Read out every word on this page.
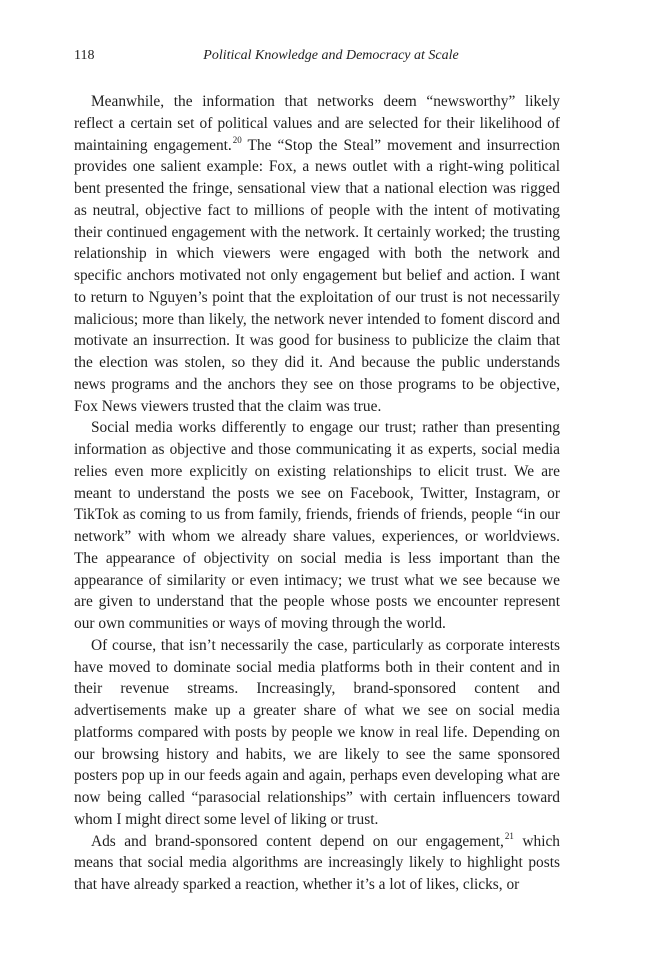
118	Political Knowledge and Democracy at Scale

Meanwhile, the information that networks deem “newsworthy” likely reflect a certain set of political values and are selected for their likelihood of maintaining engagement.$^{20}$ The “Stop the Steal” movement and insurrection provides one salient example: Fox, a news outlet with a right-wing political bent presented the fringe, sensational view that a national election was rigged as neutral, objective fact to millions of people with the intent of motivating their continued engagement with the network. It certainly worked; the trusting relationship in which viewers were engaged with both the network and specific anchors motivated not only engagement but belief and action. I want to return to Nguyen’s point that the exploitation of our trust is not necessarily malicious; more than likely, the network never intended to foment discord and motivate an insurrection. It was good for business to publicize the claim that the election was stolen, so they did it. And because the public understands news programs and the anchors they see on those programs to be objective, Fox News viewers trusted that the claim was true.

Social media works differently to engage our trust; rather than presenting information as objective and those communicating it as experts, social media relies even more explicitly on existing relationships to elicit trust. We are meant to understand the posts we see on Facebook, Twitter, Instagram, or TikTok as coming to us from family, friends, friends of friends, people “in our network” with whom we already share values, experiences, or worldviews. The appearance of objectivity on social media is less important than the appearance of similarity or even intimacy; we trust what we see because we are given to understand that the people whose posts we encounter represent our own communities or ways of moving through the world.

Of course, that isn’t necessarily the case, particularly as corporate interests have moved to dominate social media platforms both in their content and in their revenue streams. Increasingly, brand-sponsored content and advertisements make up a greater share of what we see on social media platforms compared with posts by people we know in real life. Depending on our browsing history and habits, we are likely to see the same sponsored posters pop up in our feeds again and again, perhaps even developing what are now being called “parasocial relationships” with certain influencers toward whom I might direct some level of liking or trust.

Ads and brand-sponsored content depend on our engagement,$^{21}$ which means that social media algorithms are increasingly likely to highlight posts that have already sparked a reaction, whether it’s a lot of likes, clicks, or
